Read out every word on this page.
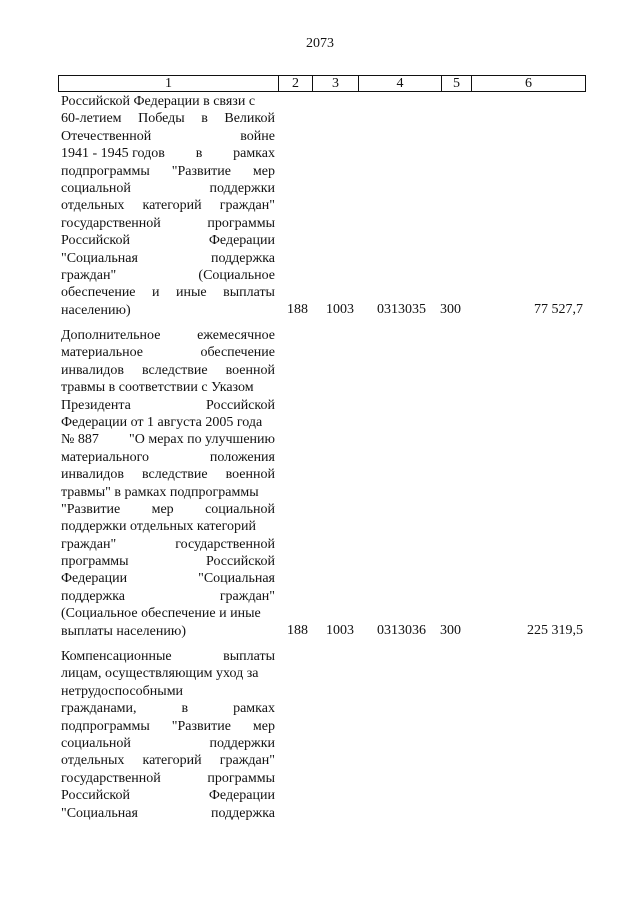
2073
1	2	3	4	5	6
Российской Федерации в связи с
60-летием Победы в Великой
Отечественной	войне
1941 - 1945 годов в рамках
подпрограммы "Развитие мер
социальной	поддержки
отдельных категорий граждан"
государственной	программы
Российской	Федерации
"Социальная	поддержка
граждан"	(Социальное
обеспечение и иные выплаты
населению)	188 1003 0313035 300	77 527,7
Дополнительное	ежемесячное
материальное	обеспечение
инвалидов вследствие военной
травмы в соответствии с Указом
Президента	Российской
Федерации от 1 августа 2005 года
№ 887 "О мерах по улучшению
материального	положения
инвалидов вследствие военной
травмы" в рамках подпрограммы
"Развитие мер социальной
поддержки отдельных категорий
граждан"	государственной
программы	Российской
Федерации	"Социальная
поддержка	граждан"
(Социальное обеспечение и иные
выплаты населению)	188 1003 0313036 300	225 319,5
Компенсационные	выплаты
лицам, осуществляющим уход за
нетрудоспособными
гражданами,	в	рамках
подпрограммы "Развитие мер
социальной	поддержки
отдельных категорий граждан"
государственной	программы
Российской	Федерации
"Социальная	поддержка
